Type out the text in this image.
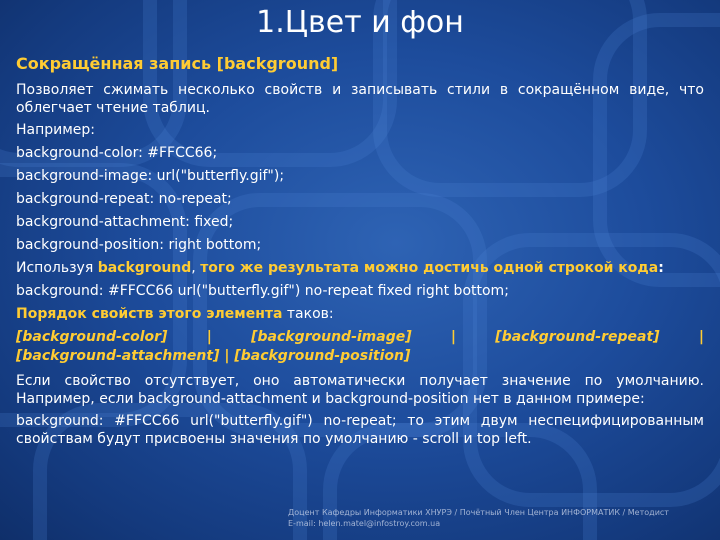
1.Цвет и фон
Сокращённая запись [background]

Позволяет сжимать несколько свойств и записывать стили в сокращённом виде, что облегчает чтение таблиц.

Например:
background-color: #FFCC66;
background-image: url("butterfly.gif");
background-repeat: no-repeat;
background-attachment: fixed;
background-position: right bottom;
Используя background, того же результата можно достичь одной строкой кода:
background: #FFCC66 url("butterfly.gif") no-repeat fixed right bottom;
Порядок свойств этого элемента таков:
[background-color]	|	[background-image]	|	[background-repeat]	|
[background-attachment] | [background-position]

Если свойство отсутствует, оно автоматически получает значение по умолчанию. Например, если background-attachment и background-position нет в данном примере:

background: #FFCC66 url("butterfly.gif") no-repeat; то этим двум неспецифицированным свойствам будут присвоены значения по умолчанию - scroll и top left.

Доцент Кафедры Информатики ХНУРЭ / Почётный Член Центра ИНФОРМАТИК / Методист
E-mail: helen.matel@infostroy.com.ua
